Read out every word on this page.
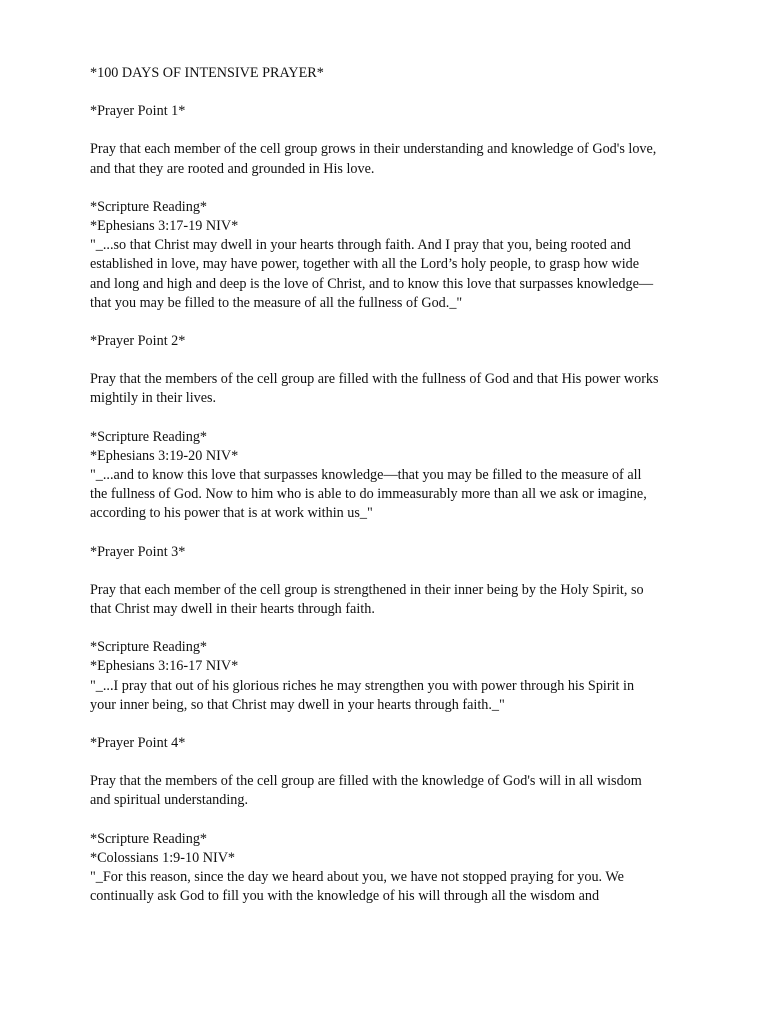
*100 DAYS OF INTENSIVE PRAYER*
*Prayer Point 1*
Pray that each member of the cell group grows in their understanding and knowledge of God's love,
and that they are rooted and grounded in His love.
*Scripture Reading*
*Ephesians 3:17-19 NIV*
"_...so that Christ may dwell in your hearts through faith. And I pray that you, being rooted and
established in love, may have power, together with all the Lord’s holy people, to grasp how wide
and long and high and deep is the love of Christ, and to know this love that surpasses knowledge—
that you may be filled to the measure of all the fullness of God._"
*Prayer Point 2*
Pray that the members of the cell group are filled with the fullness of God and that His power works
mightily in their lives.
*Scripture Reading*
*Ephesians 3:19-20 NIV*
"_...and to know this love that surpasses knowledge—that you may be filled to the measure of all
the fullness of God. Now to him who is able to do immeasurably more than all we ask or imagine,
according to his power that is at work within us_"
*Prayer Point 3*
Pray that each member of the cell group is strengthened in their inner being by the Holy Spirit, so
that Christ may dwell in their hearts through faith.
*Scripture Reading*
*Ephesians 3:16-17 NIV*
"_...I pray that out of his glorious riches he may strengthen you with power through his Spirit in
your inner being, so that Christ may dwell in your hearts through faith._"
*Prayer Point 4*
Pray that the members of the cell group are filled with the knowledge of God's will in all wisdom
and spiritual understanding.
*Scripture Reading*
*Colossians 1:9-10 NIV*
"_For this reason, since the day we heard about you, we have not stopped praying for you. We
continually ask God to fill you with the knowledge of his will through all the wisdom and
